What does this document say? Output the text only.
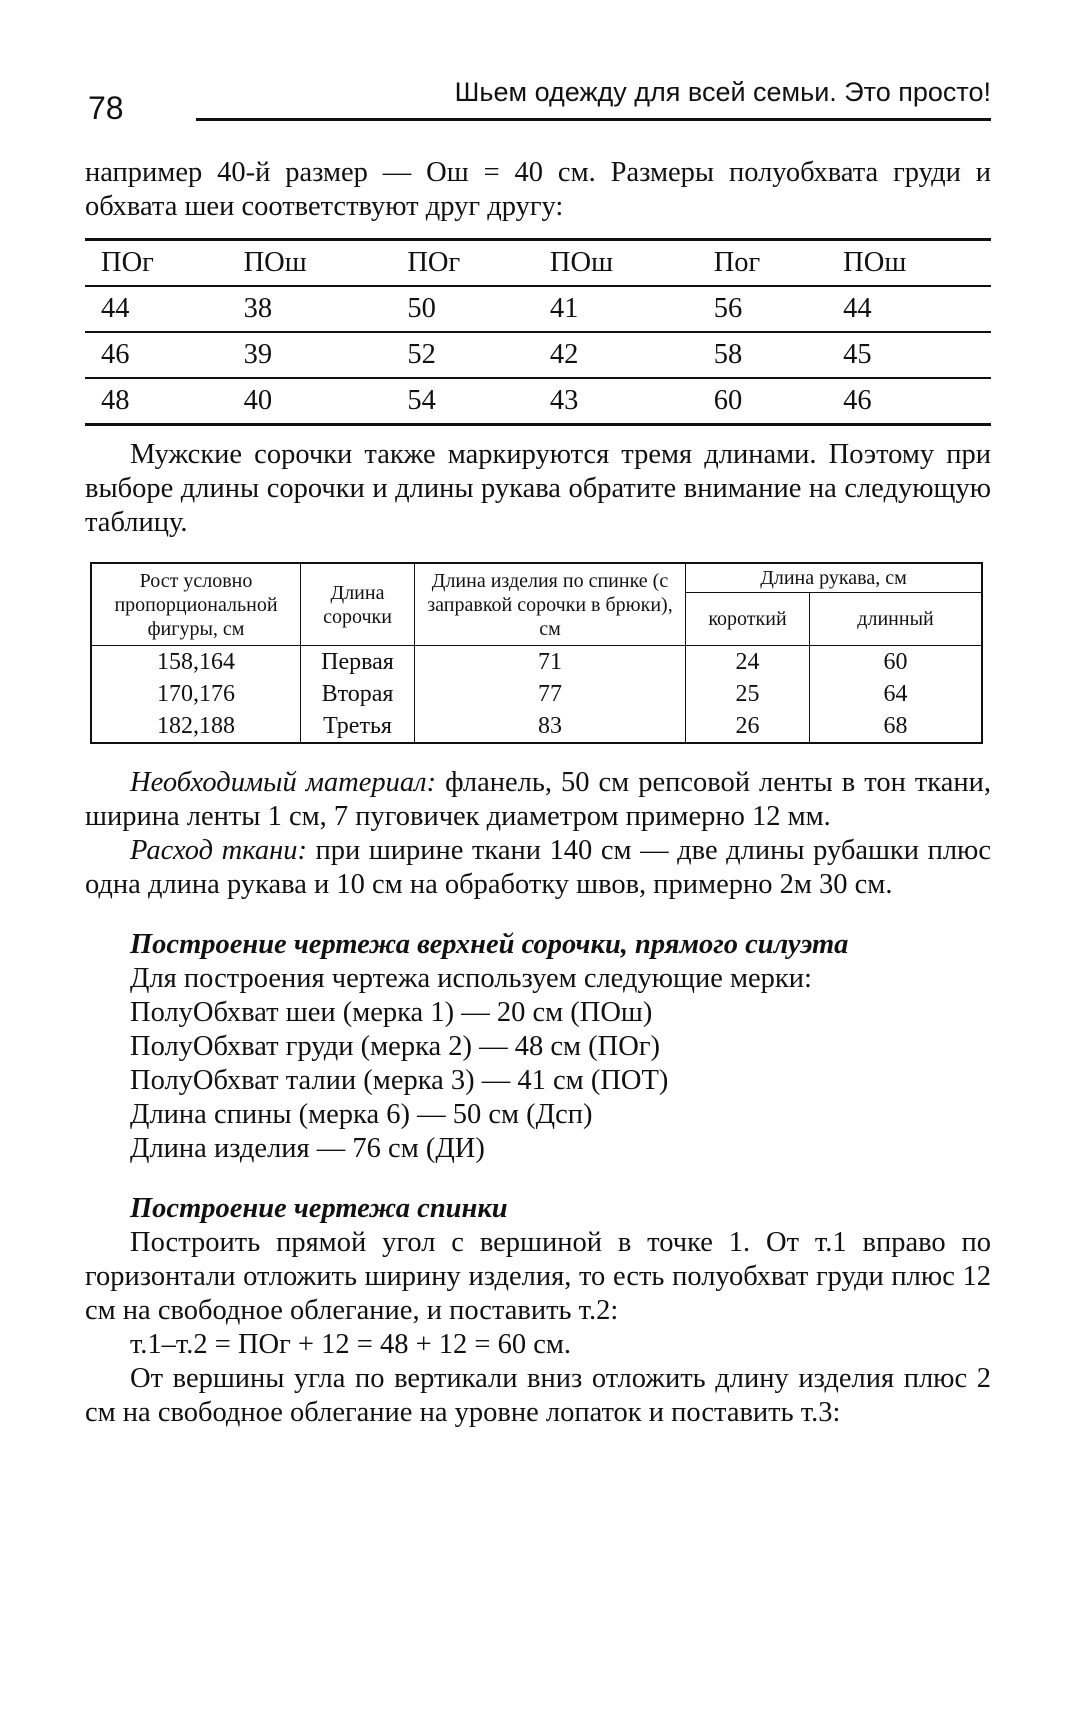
78	Шьем одежду для всей семьи. Это просто!

например 40-й размер — Ош = 40 см. Размеры полуобхвата груди и обхвата шеи соответствуют друг другу:

ПОг	ПОш	ПОг	ПОш	Пог	ПОш
44	38	50	41	56	44
46	39	52	42	58	45
48	40	54	43	60	46

Мужские сорочки также маркируются тремя длинами. Поэтому при выборе длины сорочки и длины рукава обратите внимание на следующую таблицу.

Рост условно пропорциональной фигуры, см	Длина сорочки	Длина изделия по спинке (с заправкой сорочки в брюки), см	Длина рукава, см	
			короткий	длинный
158,164	Первая	71	24	60
170,176	Вторая	77	25	64
182,188	Третья	83	26	68

Необходимый материал: фланель, 50 см репсовой ленты в тон ткани, ширина ленты 1 см, 7 пуговичек диаметром примерно 12 мм.

Расход ткани: при ширине ткани 140 см — две длины рубашки плюс одна длина рукава и 10 см на обработку швов, примерно 2м 30 см.

Построение чертежа верхней сорочки, прямого силуэта

Для построения чертежа используем следующие мерки:
ПолуОбхват шеи (мерка 1) — 20 см (ПОш)
ПолуОбхват груди (мерка 2) — 48 см (ПОг)
ПолуОбхват талии (мерка 3) — 41 см (ПОТ)
Длина спины (мерка 6) — 50 см (Дсп)
Длина изделия — 76 см (ДИ)

Построение чертежа спинки

Построить прямой угол с вершиной в точке 1. От т.1 вправо по горизонтали отложить ширину изделия, то есть полуобхват груди плюс 12 см на свободное облегание, и поставить т.2:

т.1–т.2 = ПОг + 12 = 48 + 12 = 60 см.

От вершины угла по вертикали вниз отложить длину изделия плюс 2 см на свободное облегание на уровне лопаток и поставить т.3:
